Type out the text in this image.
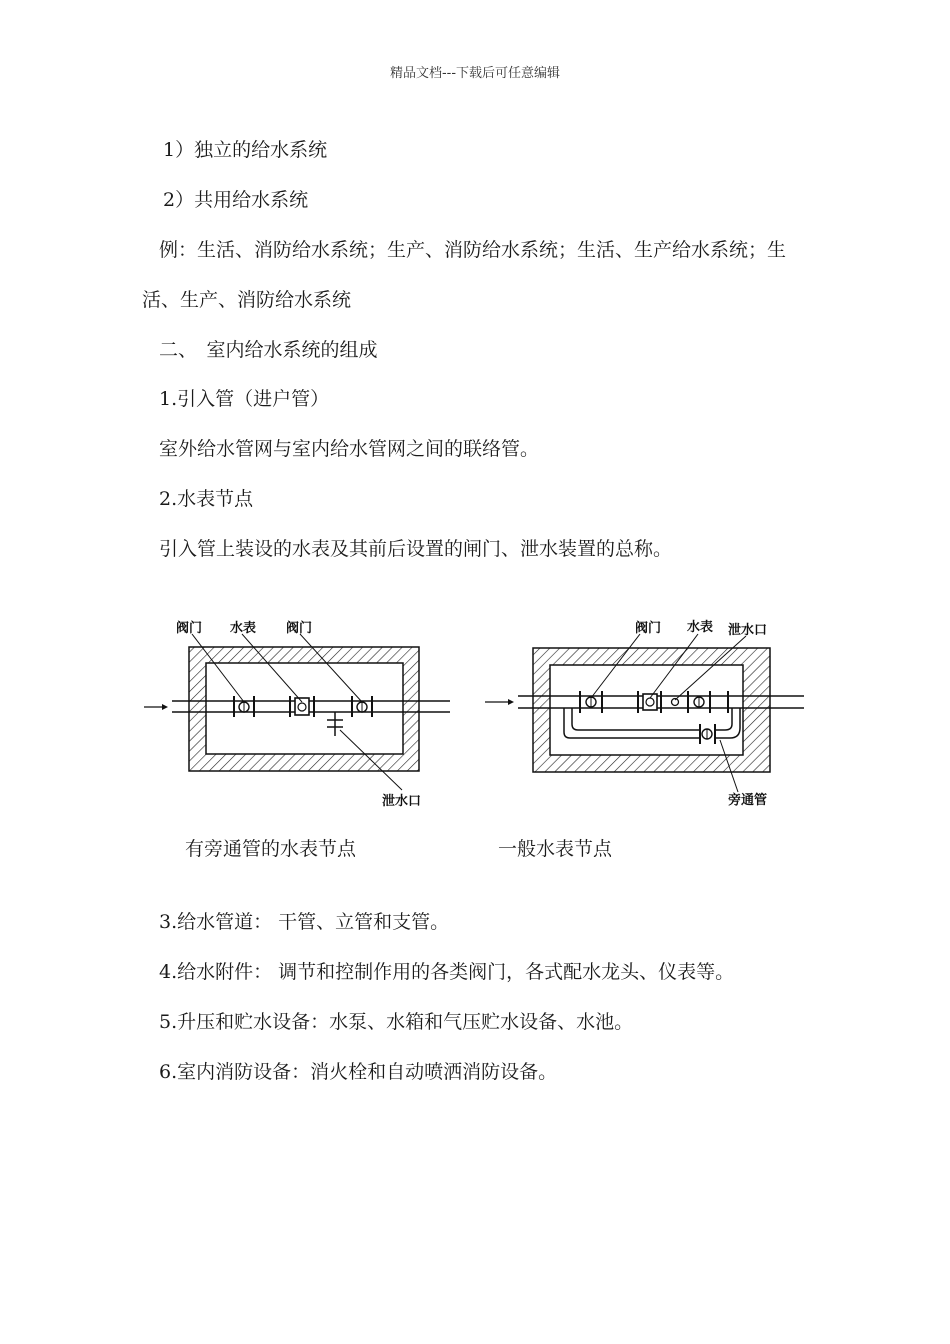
精品文档---下载后可任意编辑
1）独立的给水系统
2）共用给水系统
例：生活、消防给水系统；生产、消防给水系统；生活、生产给水系统；生
活、生产、消防给水系统
二、　室内给水系统的组成
1.引入管（进户管）
室外给水管网与室内给水管网之间的联络管。
2.水表节点
引入管上装设的水表及其前后设置的闸门、泄水装置的总称。
阀门 水表 阀门
泄水口
阀门 水表 泄水口
旁通管
有旁通管的水表节点	一般水表节点
3.给水管道： 干管、立管和支管。
4.给水附件： 调节和控制作用的各类阀门，各式配水龙头、仪表等。
5.升压和贮水设备：水泵、水箱和气压贮水设备、水池。
6.室内消防设备：消火栓和自动喷洒消防设备。
